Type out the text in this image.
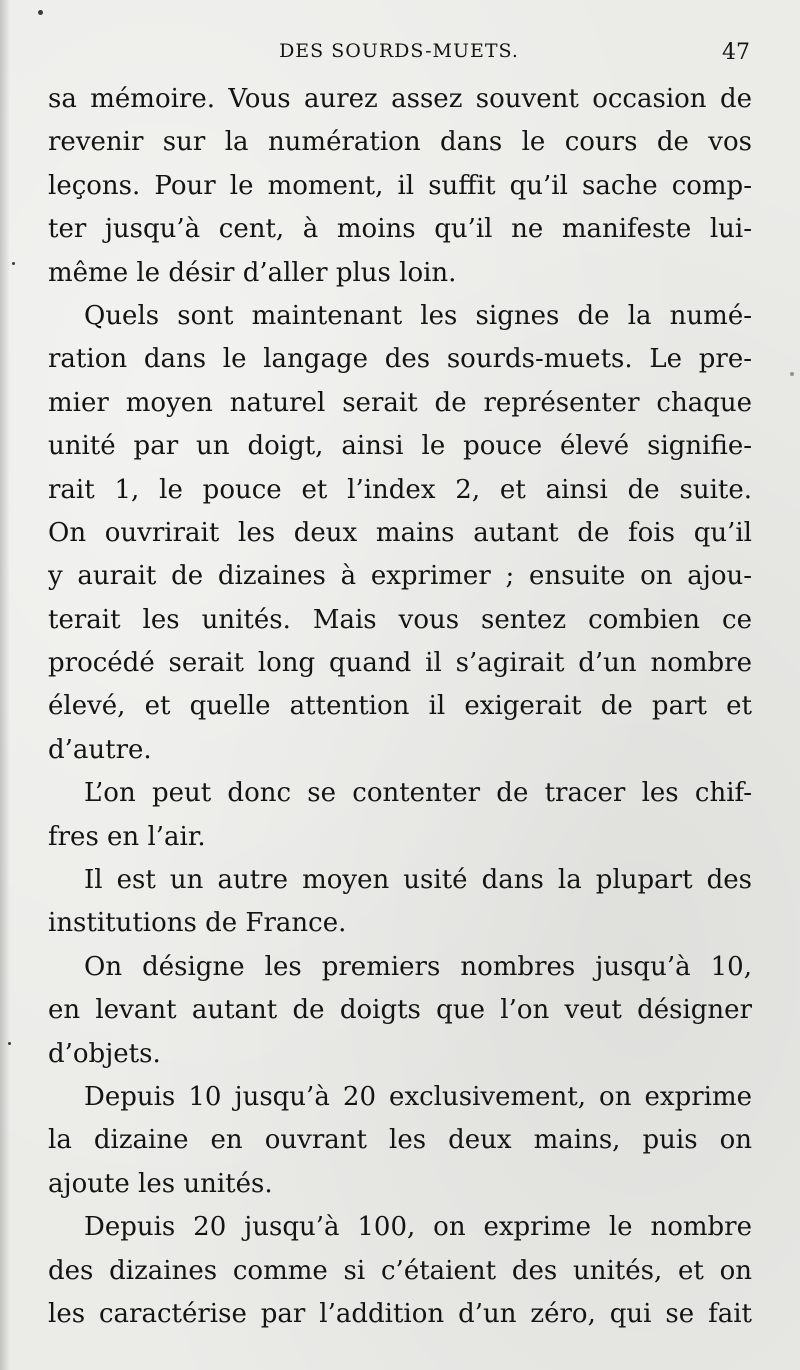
DES SOURDS-MUETS.	47
sa mémoire. Vous aurez assez souvent occasion de
revenir sur la numération dans le cours de vos
leçons. Pour le moment, il suffit qu’il sache comp-
ter jusqu’à cent, à moins qu’il ne manifeste lui-
même le désir d’aller plus loin.
Quels sont maintenant les signes de la numé-
ration dans le langage des sourds-muets. Le pre-
mier moyen naturel serait de représenter chaque
unité par un doigt, ainsi le pouce élevé signifie-
rait 1, le pouce et l’index 2, et ainsi de suite.
On ouvrirait les deux mains autant de fois qu’il
y aurait de dizaines à exprimer ; ensuite on ajou-
terait les unités. Mais vous sentez combien ce
procédé serait long quand il s’agirait d’un nombre
élevé, et quelle attention il exigerait de part et
d’autre.
L’on peut donc se contenter de tracer les chif-
fres en l’air.
Il est un autre moyen usité dans la plupart des
institutions de France.
On désigne les premiers nombres jusqu’à 10,
en levant autant de doigts que l’on veut désigner
d’objets.
Depuis 10 jusqu’à 20 exclusivement, on exprime
la dizaine en ouvrant les deux mains, puis on
ajoute les unités.
Depuis 20 jusqu’à 100, on exprime le nombre
des dizaines comme si c’étaient des unités, et on
les caractérise par l’addition d’un zéro, qui se fait
